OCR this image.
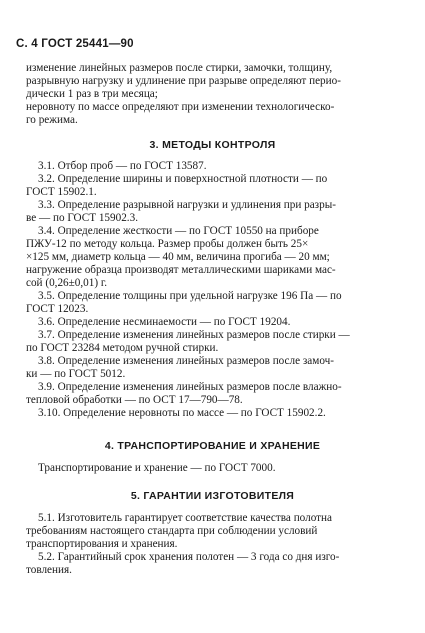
С. 4 ГОСТ 25441—90
изменение линейных размеров после стирки, замочки, толщину,
разрывную нагрузку и удлинение при разрыве определяют перио-
дически 1 раз в три месяца;
неровноту по массе определяют при изменении технологическо-
го режима.
3. МЕТОДЫ КОНТРОЛЯ
3.1. Отбор проб — по ГОСТ 13587.
3.2. Определение ширины и поверхностной плотности — по
ГОСТ 15902.1.
3.3. Определение разрывной нагрузки и удлинения при разры-
ве — по ГОСТ 15902.3.
3.4. Определение жесткости — по ГОСТ 10550 на приборе
ПЖУ-12 по методу кольца. Размер пробы должен быть 25×
×125 мм, диаметр кольца — 40 мм, величина прогиба — 20 мм;
нагружение образца производят металлическими шариками мас-
сой (0,26±0,01) г.
3.5. Определение толщины при удельной нагрузке 196 Па — по
ГОСТ 12023.
3.6. Определение несминаемости — по ГОСТ 19204.
3.7. Определение изменения линейных размеров после стирки —
по ГОСТ 23284 методом ручной стирки.
3.8. Определение изменения линейных размеров после замоч-
ки — по ГОСТ 5012.
3.9. Определение изменения линейных размеров после влажно-
тепловой обработки — по ОСТ 17—790—78.
3.10. Определение неровноты по массе — по ГОСТ 15902.2.
4. ТРАНСПОРТИРОВАНИЕ И ХРАНЕНИЕ
Транспортирование и хранение — по ГОСТ 7000.
5. ГАРАНТИИ ИЗГОТОВИТЕЛЯ
5.1. Изготовитель гарантирует соответствие качества полотна
требованиям настоящего стандарта при соблюдении условий
транспортирования и хранения.
5.2. Гарантийный срок хранения полотен — 3 года со дня изго-
товления.
